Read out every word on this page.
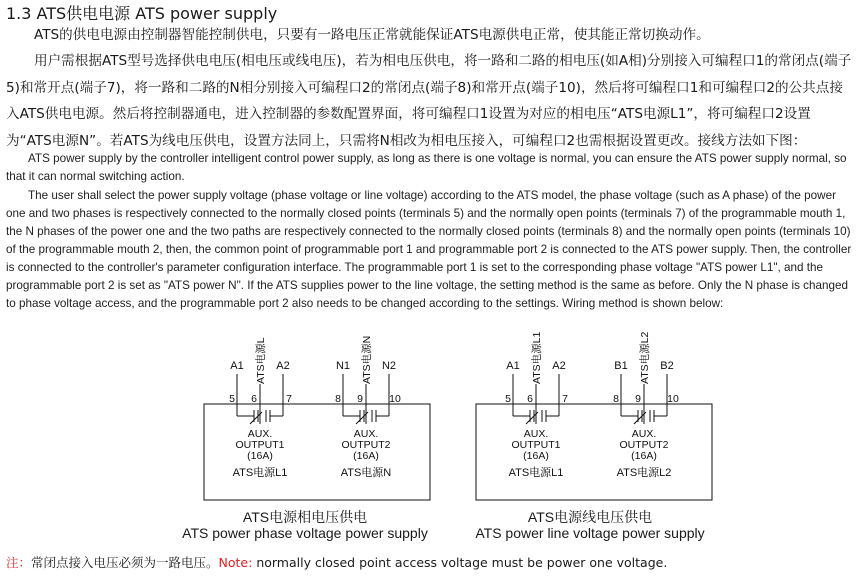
1.3 ATS供电电源 ATS power supply

ATS的供电电源由控制器智能控制供电，只要有一路电压正常就能保证ATS电源供电正常，使其能正常切换动作。

用户需根据ATS型号选择供电电压(相电压或线电压)，若为相电压供电，将一路和二路的相电压(如A相)分别接入可编程口1的常闭点(端子5)和常开点(端子7)，将一路和二路的N相分别接入可编程口2的常闭点(端子8)和常开点(端子10)，然后将可编程口1和可编程口2的公共点接入ATS供电电源。然后将控制器通电，进入控制器的参数配置界面，将可编程口1设置为对应的相电压“ATS电源L1”，将可编程口2设置为“ATS电源N”。若ATS为线电压供电，设置方法同上，只需将N相改为相电压接入，可编程口2也需根据设置更改。接线方法如下图：

ATS power supply by the controller intelligent control power supply, as long as there is one voltage is normal, you can ensure the ATS power supply normal, so that it can normal switching action.

The user shall select the power supply voltage (phase voltage or line voltage) according to the ATS model, the phase voltage (such as A phase) of the power one and two phases is respectively connected to the normally closed points (terminals 5) and the normally open points (terminals 7) of the programmable mouth 1, the N phases of the power one and the two paths are respectively connected to the normally closed points (terminals 8) and the normally open points (terminals 10) of the programmable mouth 2, then, the common point of programmable port 1 and programmable port 2 is connected to the ATS power supply. Then, the controller is connected to the controller's parameter configuration interface. The programmable port 1 is set to the corresponding phase voltage "ATS power L1", and the programmable port 2 is set as "ATS power N". If the ATS supplies power to the line voltage, the setting method is the same as before. Only the N phase is changed to phase voltage access, and the programmable port 2 also needs to be changed according to the settings. Wiring method is shown below:

A1	A2
ATS电源L
5 6	7
AUX.
OUTPUT1
(16A)
ATS电源L1
N1	N2
ATS电源N
8 9 10
AUX.
OUTPUT2
(16A)
ATS电源N
A1	A2
ATS电源L1
5 6	7
AUX.
OUTPUT1
(16A)
ATS电源L1
B1	B2
ATS电源L2
8 9 10
AUX.
OUTPUT2
(16A)
ATS电源L2
ATS电源相电压供电
ATS power phase voltage power supply
ATS电源线电压供电
ATS power line voltage power supply

注：常闭点接入电压必须为一路电压。Note: normally closed point access voltage must be power one voltage.
